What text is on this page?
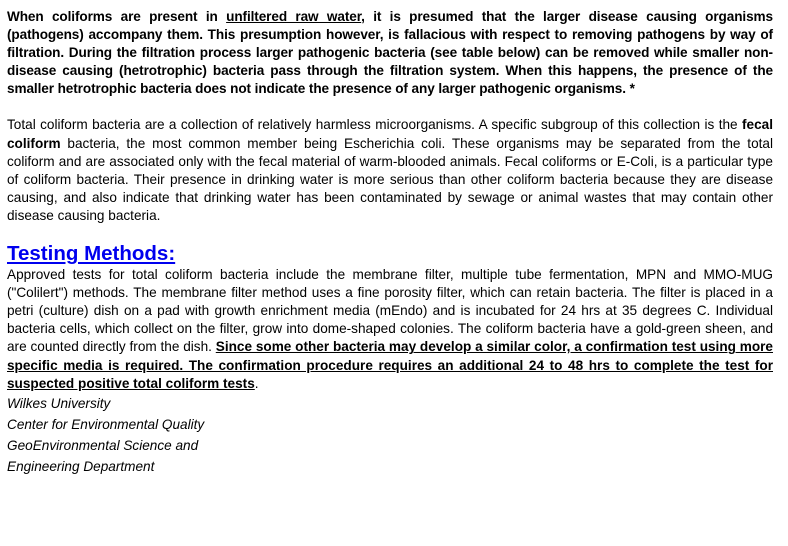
When coliforms are present in unfiltered raw water, it is presumed that the larger disease causing organisms (pathogens) accompany them. This presumption however, is fallacious with respect to removing pathogens by way of filtration. During the filtration process larger pathogenic bacteria (see table below) can be removed while smaller non-disease causing (hetrotrophic) bacteria pass through the filtration system. When this happens, the presence of the smaller hetrotrophic bacteria does not indicate the presence of any larger pathogenic organisms. *

Total coliform bacteria are a collection of relatively harmless microorganisms. A specific subgroup of this collection is the fecal coliform bacteria, the most common member being Escherichia coli. These organisms may be separated from the total coliform and are associated only with the fecal material of warm-blooded animals. Fecal coliforms or E-Coli, is a particular type of coliform bacteria. Their presence in drinking water is more serious than other coliform bacteria because they are disease causing, and also indicate that drinking water has been contaminated by sewage or animal wastes that may contain other disease causing bacteria.

Testing Methods:

Approved tests for total coliform bacteria include the membrane filter, multiple tube fermentation, MPN and MMO-MUG ("Colilert") methods. The membrane filter method uses a fine porosity filter, which can retain bacteria. The filter is placed in a petri (culture) dish on a pad with growth enrichment media (mEndo) and is incubated for 24 hrs at 35 degrees C. Individual bacteria cells, which collect on the filter, grow into dome-shaped colonies. The coliform bacteria have a gold-green sheen, and are counted directly from the dish. Since some other bacteria may develop a similar color, a confirmation test using more specific media is required. The confirmation procedure requires an additional 24 to 48 hrs to complete the test for suspected positive total coliform tests.

Wilkes University
Center for Environmental Quality
GeoEnvironmental Science and
Engineering Department
